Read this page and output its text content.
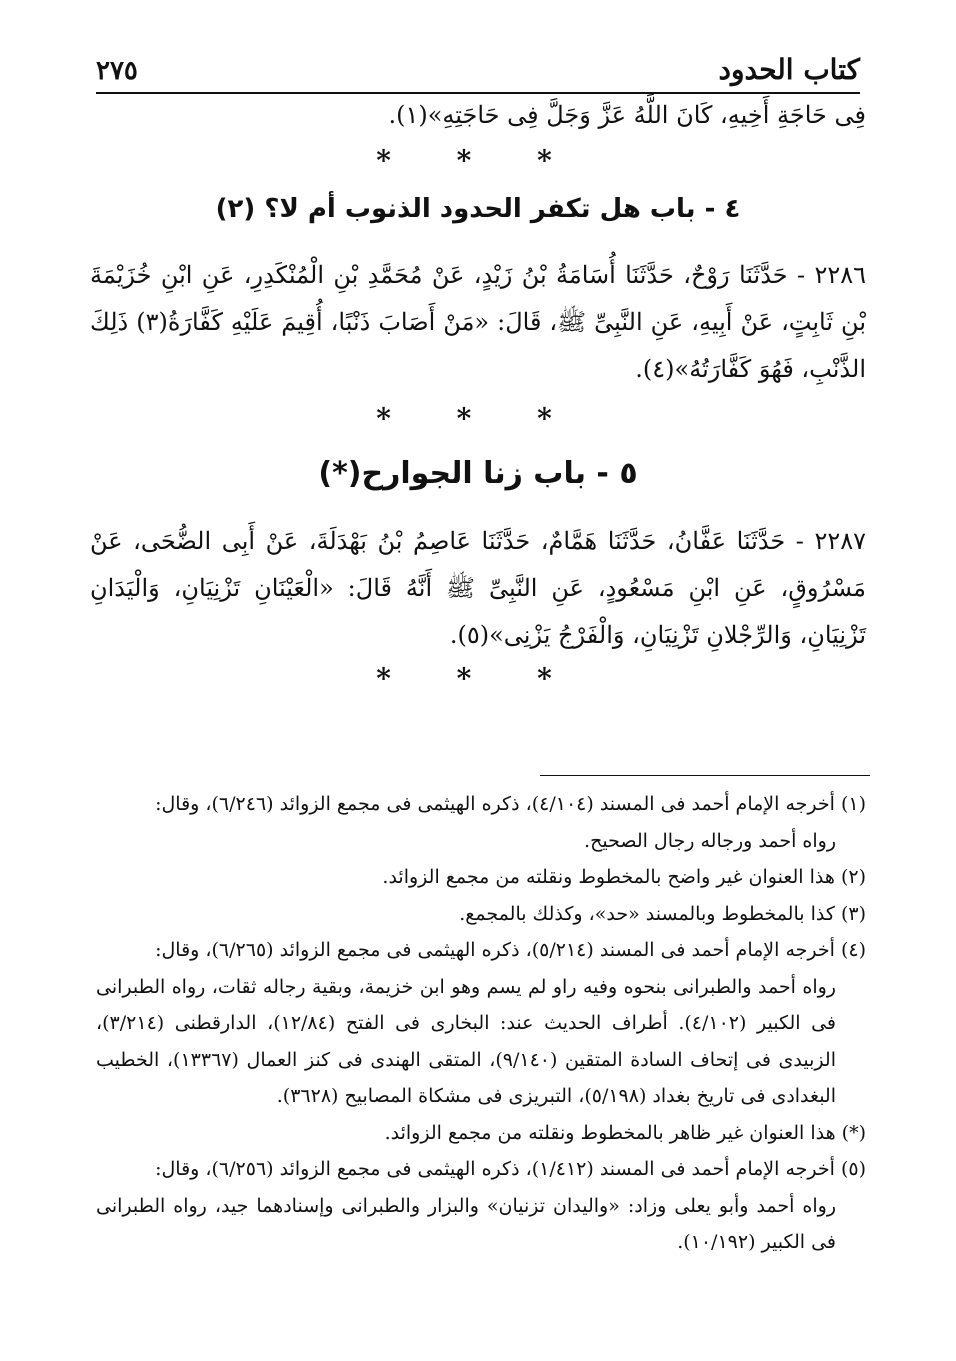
٢٧٥	كتاب الحدود
فِى حَاجَةِ أَخِيهِ، كَانَ اللَّهُ عَزَّ وَجَلَّ فِى حَاجَتِهِ»(١).
* * *
٤ - باب هل تكفر الحدود الذنوب أم لا؟ (٢)
٢٢٨٦ - حَدَّثَنَا رَوْحٌ، حَدَّثَنَا أُسَامَةُ بْنُ زَيْدٍ، عَنْ مُحَمَّدِ بْنِ الْمُنْكَدِرِ، عَنِ ابْنِ خُزَيْمَةَ بْنِ ثَابِتٍ، عَنْ أَبِيهِ، عَنِ النَّبِىِّ ﷺ، قَالَ: «مَنْ أَصَابَ ذَنْبًا، أُقِيمَ عَلَيْهِ كَفَّارَةُ(٣) ذَلِكَ الذَّنْبِ، فَهُوَ كَفَّارَتُهُ»(٤).
* * *
٥ - باب زنا الجوارح(*)
٢٢٨٧ - حَدَّثَنَا عَفَّانُ، حَدَّثَنَا هَمَّامٌ، حَدَّثَنَا عَاصِمُ بْنُ بَهْدَلَةَ، عَنْ أَبِى الضُّحَى، عَنْ مَسْرُوقٍ، عَنِ ابْنِ مَسْعُودٍ، عَنِ النَّبِىِّ ﷺ أَنَّهُ قَالَ: «الْعَيْنَانِ تَزْنِيَانِ، وَالْيَدَانِ تَزْنِيَانِ، وَالرِّجْلانِ تَزْنِيَانِ، وَالْفَرْجُ يَزْنِى»(٥).
* * *

(١) أخرجه الإمام أحمد فى المسند (٤/١٠٤)، ذكره الهيثمى فى مجمع الزوائد (٦/٢٤٦)، وقال:
رواه أحمد ورجاله رجال الصحيح.

(٢) هذا العنوان غير واضح بالمخطوط ونقلته من مجمع الزوائد.

(٣) كذا بالمخطوط وبالمسند «حد»، وكذلك بالمجمع.

(٤) أخرجه الإمام أحمد فى المسند (٥/٢١٤)، ذكره الهيثمى فى مجمع الزوائد (٦/٢٦٥)، وقال:
رواه أحمد والطبرانى بنحوه وفيه راو لم يسم وهو ابن خزيمة، وبقية رجاله ثقات، رواه الطبرانى فى الكبير (٤/١٠٢). أطراف الحديث عند: البخارى فى الفتح (١٢/٨٤)، الدارقطنى (٣/٢١٤)، الزبيدى فى إتحاف السادة المتقين (٩/١٤٠)، المتقى الهندى فى كنز العمال (١٣٣٦٧)، الخطيب البغدادى فى تاريخ بغداد (٥/١٩٨)، التبريزى فى مشكاة المصابيح (٣٦٢٨).

(*) هذا العنوان غير ظاهر بالمخطوط ونقلته من مجمع الزوائد.

(٥) أخرجه الإمام أحمد فى المسند (١/٤١٢)، ذكره الهيثمى فى مجمع الزوائد (٦/٢٥٦)، وقال:
رواه أحمد وأبو يعلى وزاد: «واليدان تزنيان» والبزار والطبرانى وإسنادهما جيد، رواه الطبرانى فى الكبير (١٠/١٩٢).
